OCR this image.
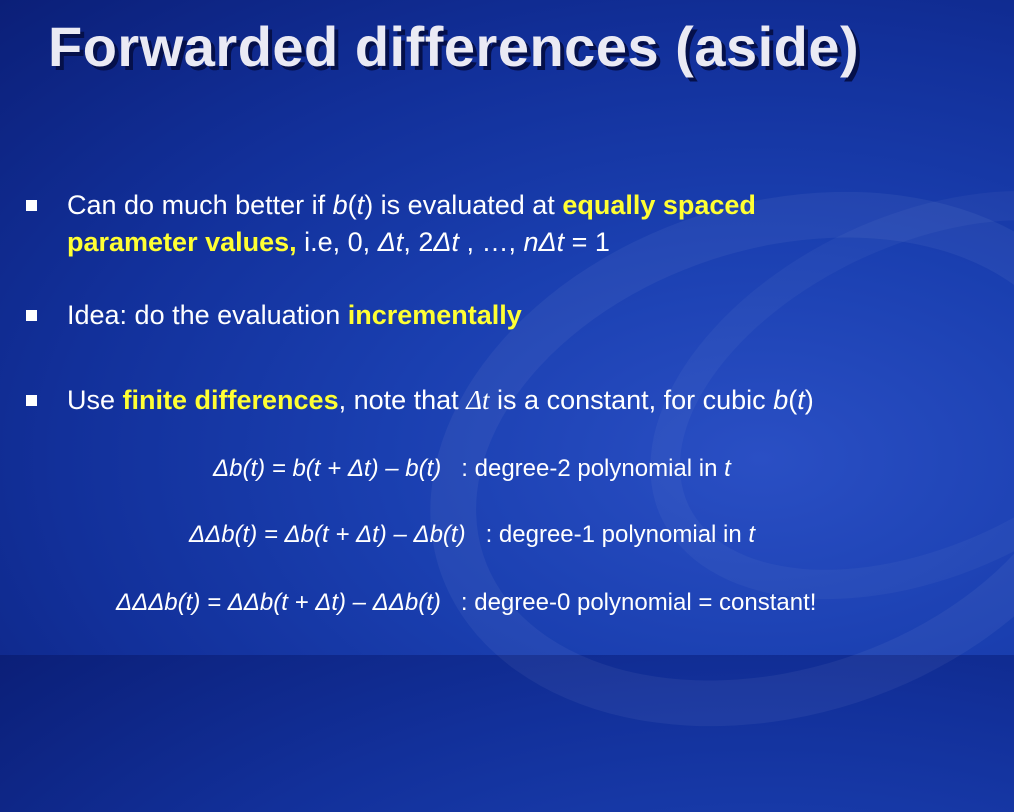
Forwarded differences (aside)
Can do much better if b(t) is evaluated at equally spaced
parameter values, i.e, 0, Δt, 2Δt , …, nΔt = 1
Idea: do the evaluation incrementally
Use finite differences, note that Δt is a constant, for cubic b(t)
Δb(t) = b(t + Δt) – b(t) : degree-2 polynomial in t
ΔΔb(t) = Δb(t + Δt) – Δb(t) : degree-1 polynomial in t
ΔΔΔb(t) = ΔΔb(t + Δt) – ΔΔb(t) : degree-0 polynomial = constant!
